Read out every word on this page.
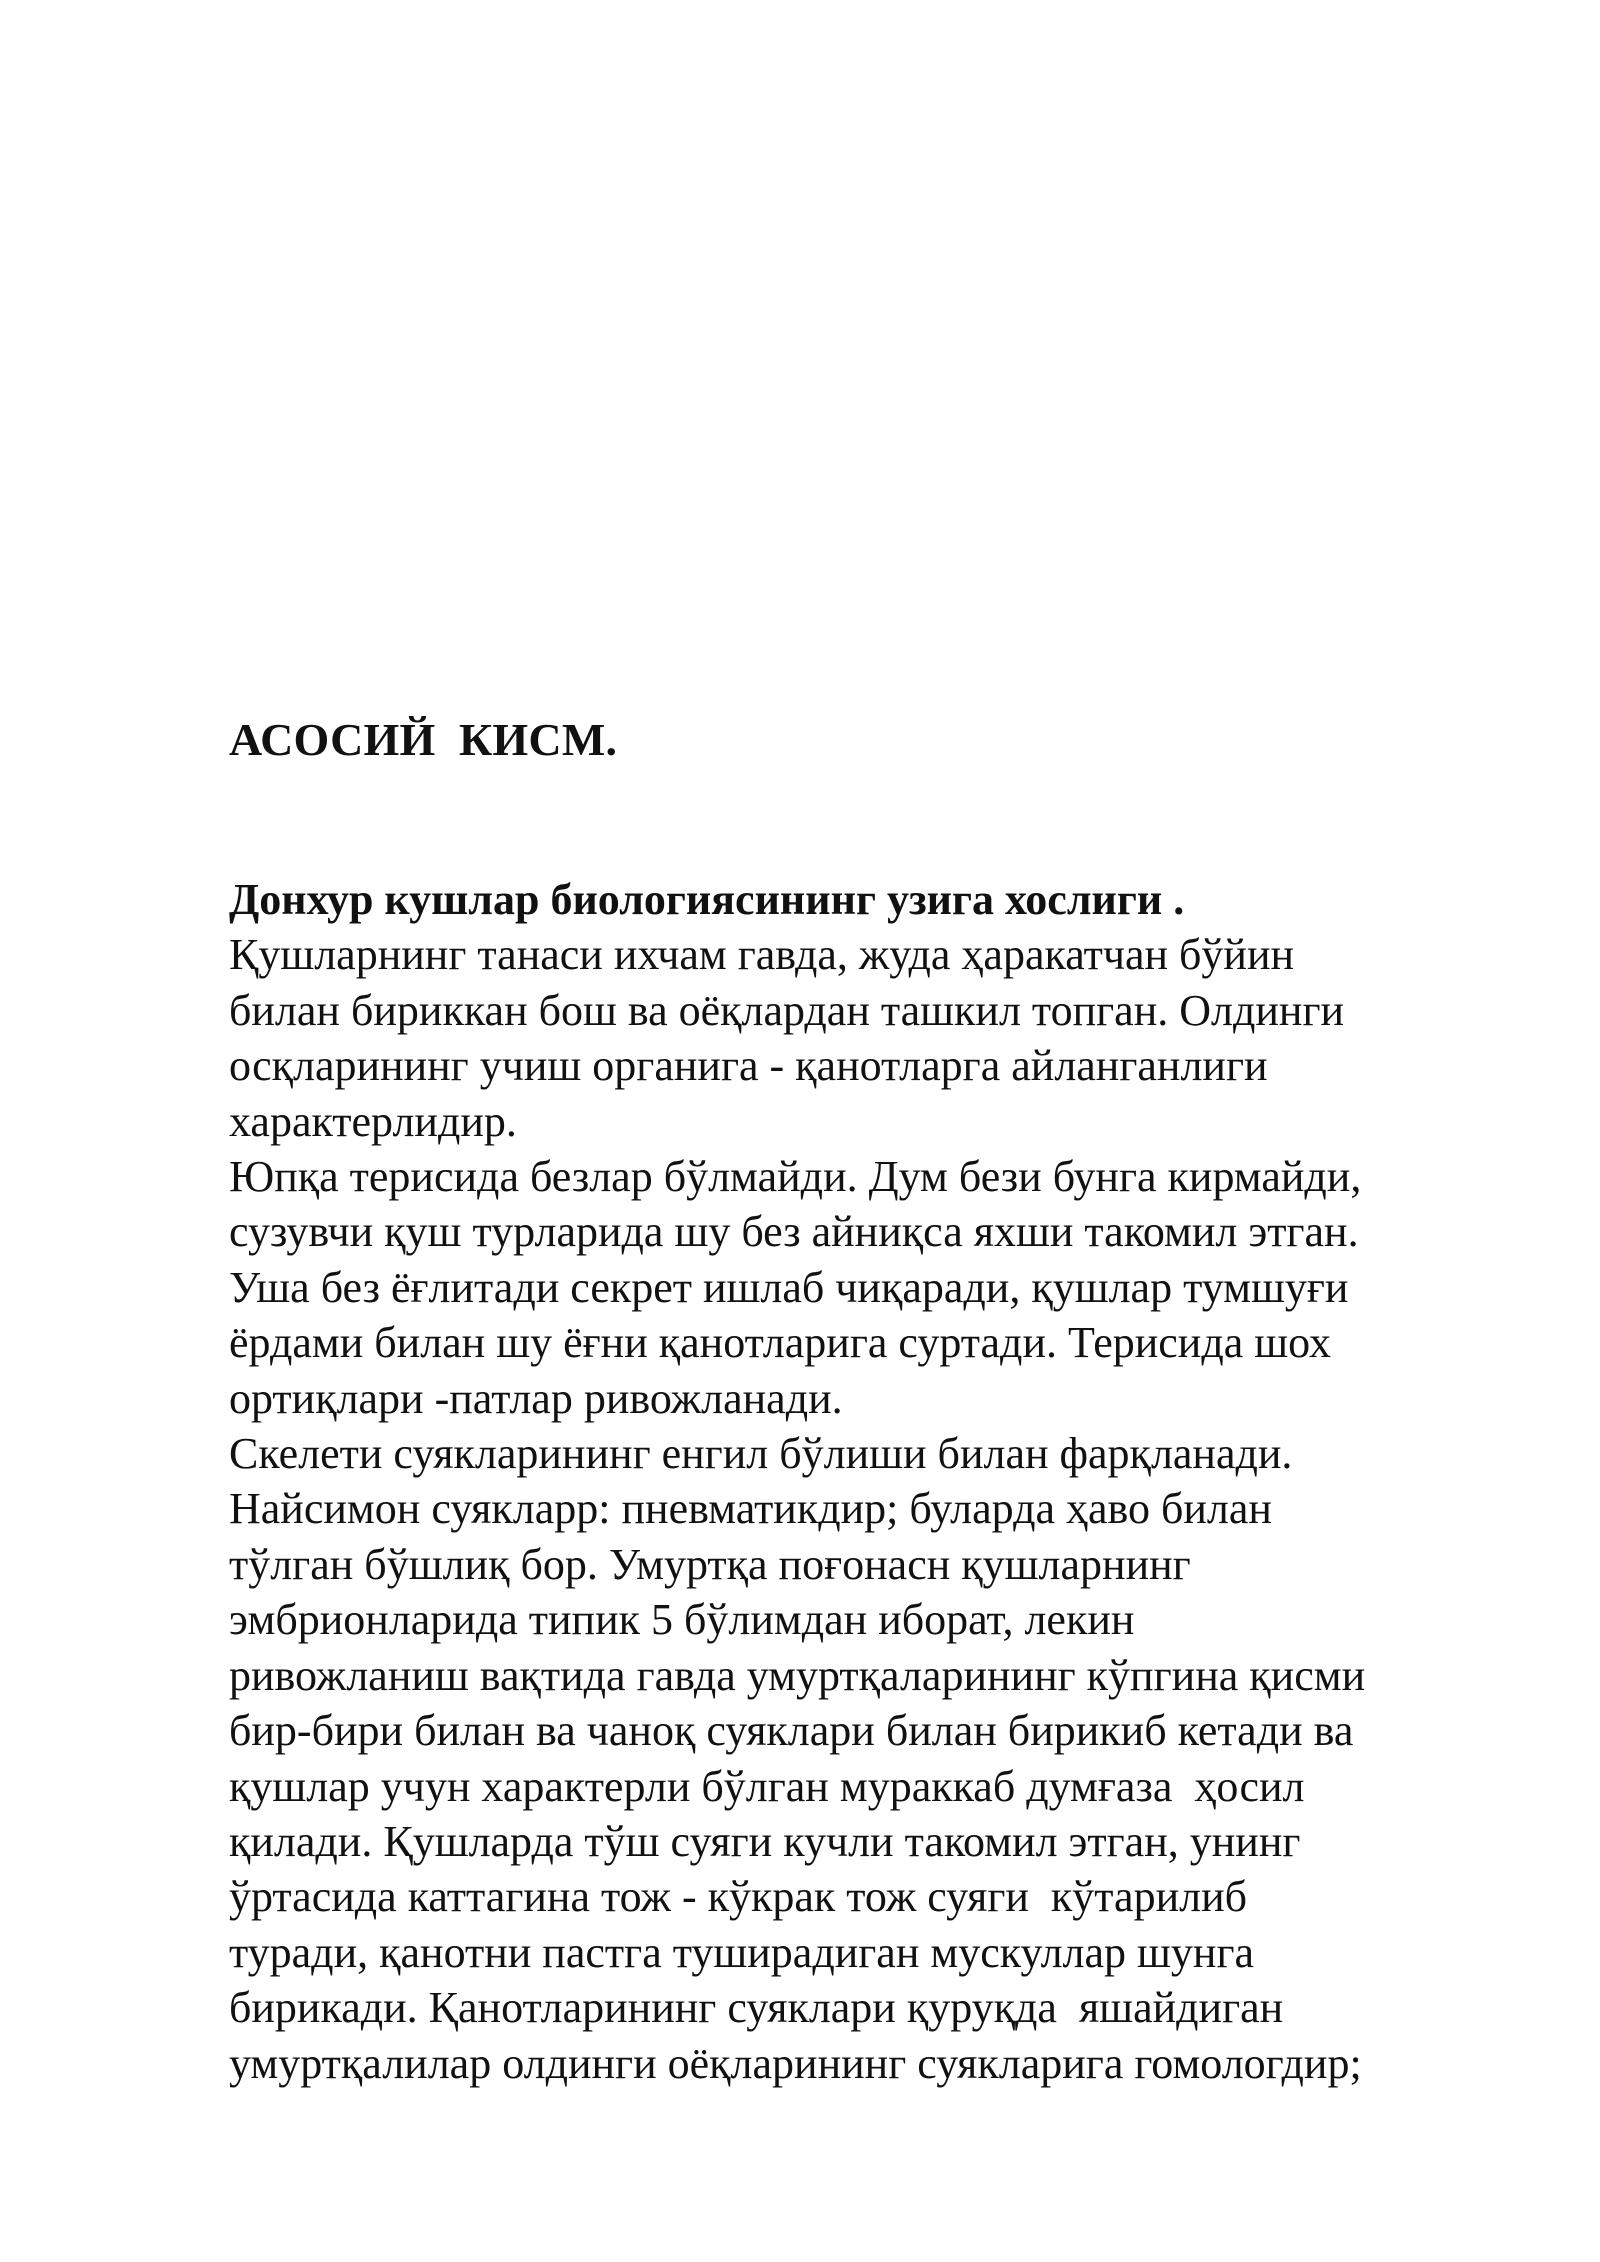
АСОСИЙ  КИСМ.
Донхур кушлар биологиясининг узига хослиги .
Қушларнинг танаси ихчам гавда, жуда ҳаракатчан бўйин
билан бириккан бош ва оёқлардан ташкил топган. Олдинги
осқларининг учиш органига - қанотларга айланганлиги
характерлидир.
Юпқа терисида безлар бўлмайди. Дум бези бунга кирмайди,
сузувчи қуш турларида шу без айниқса яхши такомил этган.
Уша без ёғлитади секрет ишлаб чиқаради, қушлар тумшуғи
ёрдами билан шу ёғни қанотларига суртади. Терисида шох
ортиқлари -патлар ривожланади.
Скелети суякларининг енгил бўлиши билан фарқланади.
Найсимон суякларр: пневматикдир; буларда ҳаво билан
тўлган бўшлиқ бор. Умуртқа поғонасн қушларнинг
эмбрионларида типик 5 бўлимдан иборат, лекин
ривожланиш вақтида гавда умуртқаларининг кўпгина қисми
бир-бири билан ва чаноқ суяклари билан бирикиб кетади ва
қушлар учун характерли бўлган мураккаб думғаза  ҳосил
қилади. Қушларда тўш суяги кучли такомил этган, унинг
ўртасида каттагина тож - кўкрак тож суяги  кўтарилиб
туради, қанотни пастга туширадиган мускуллар шунга
бирикади. Қанотларининг суяклари қуруқда  яшайдиган
умуртқалилар олдинги оёқларининг суякларига гомологдир;
